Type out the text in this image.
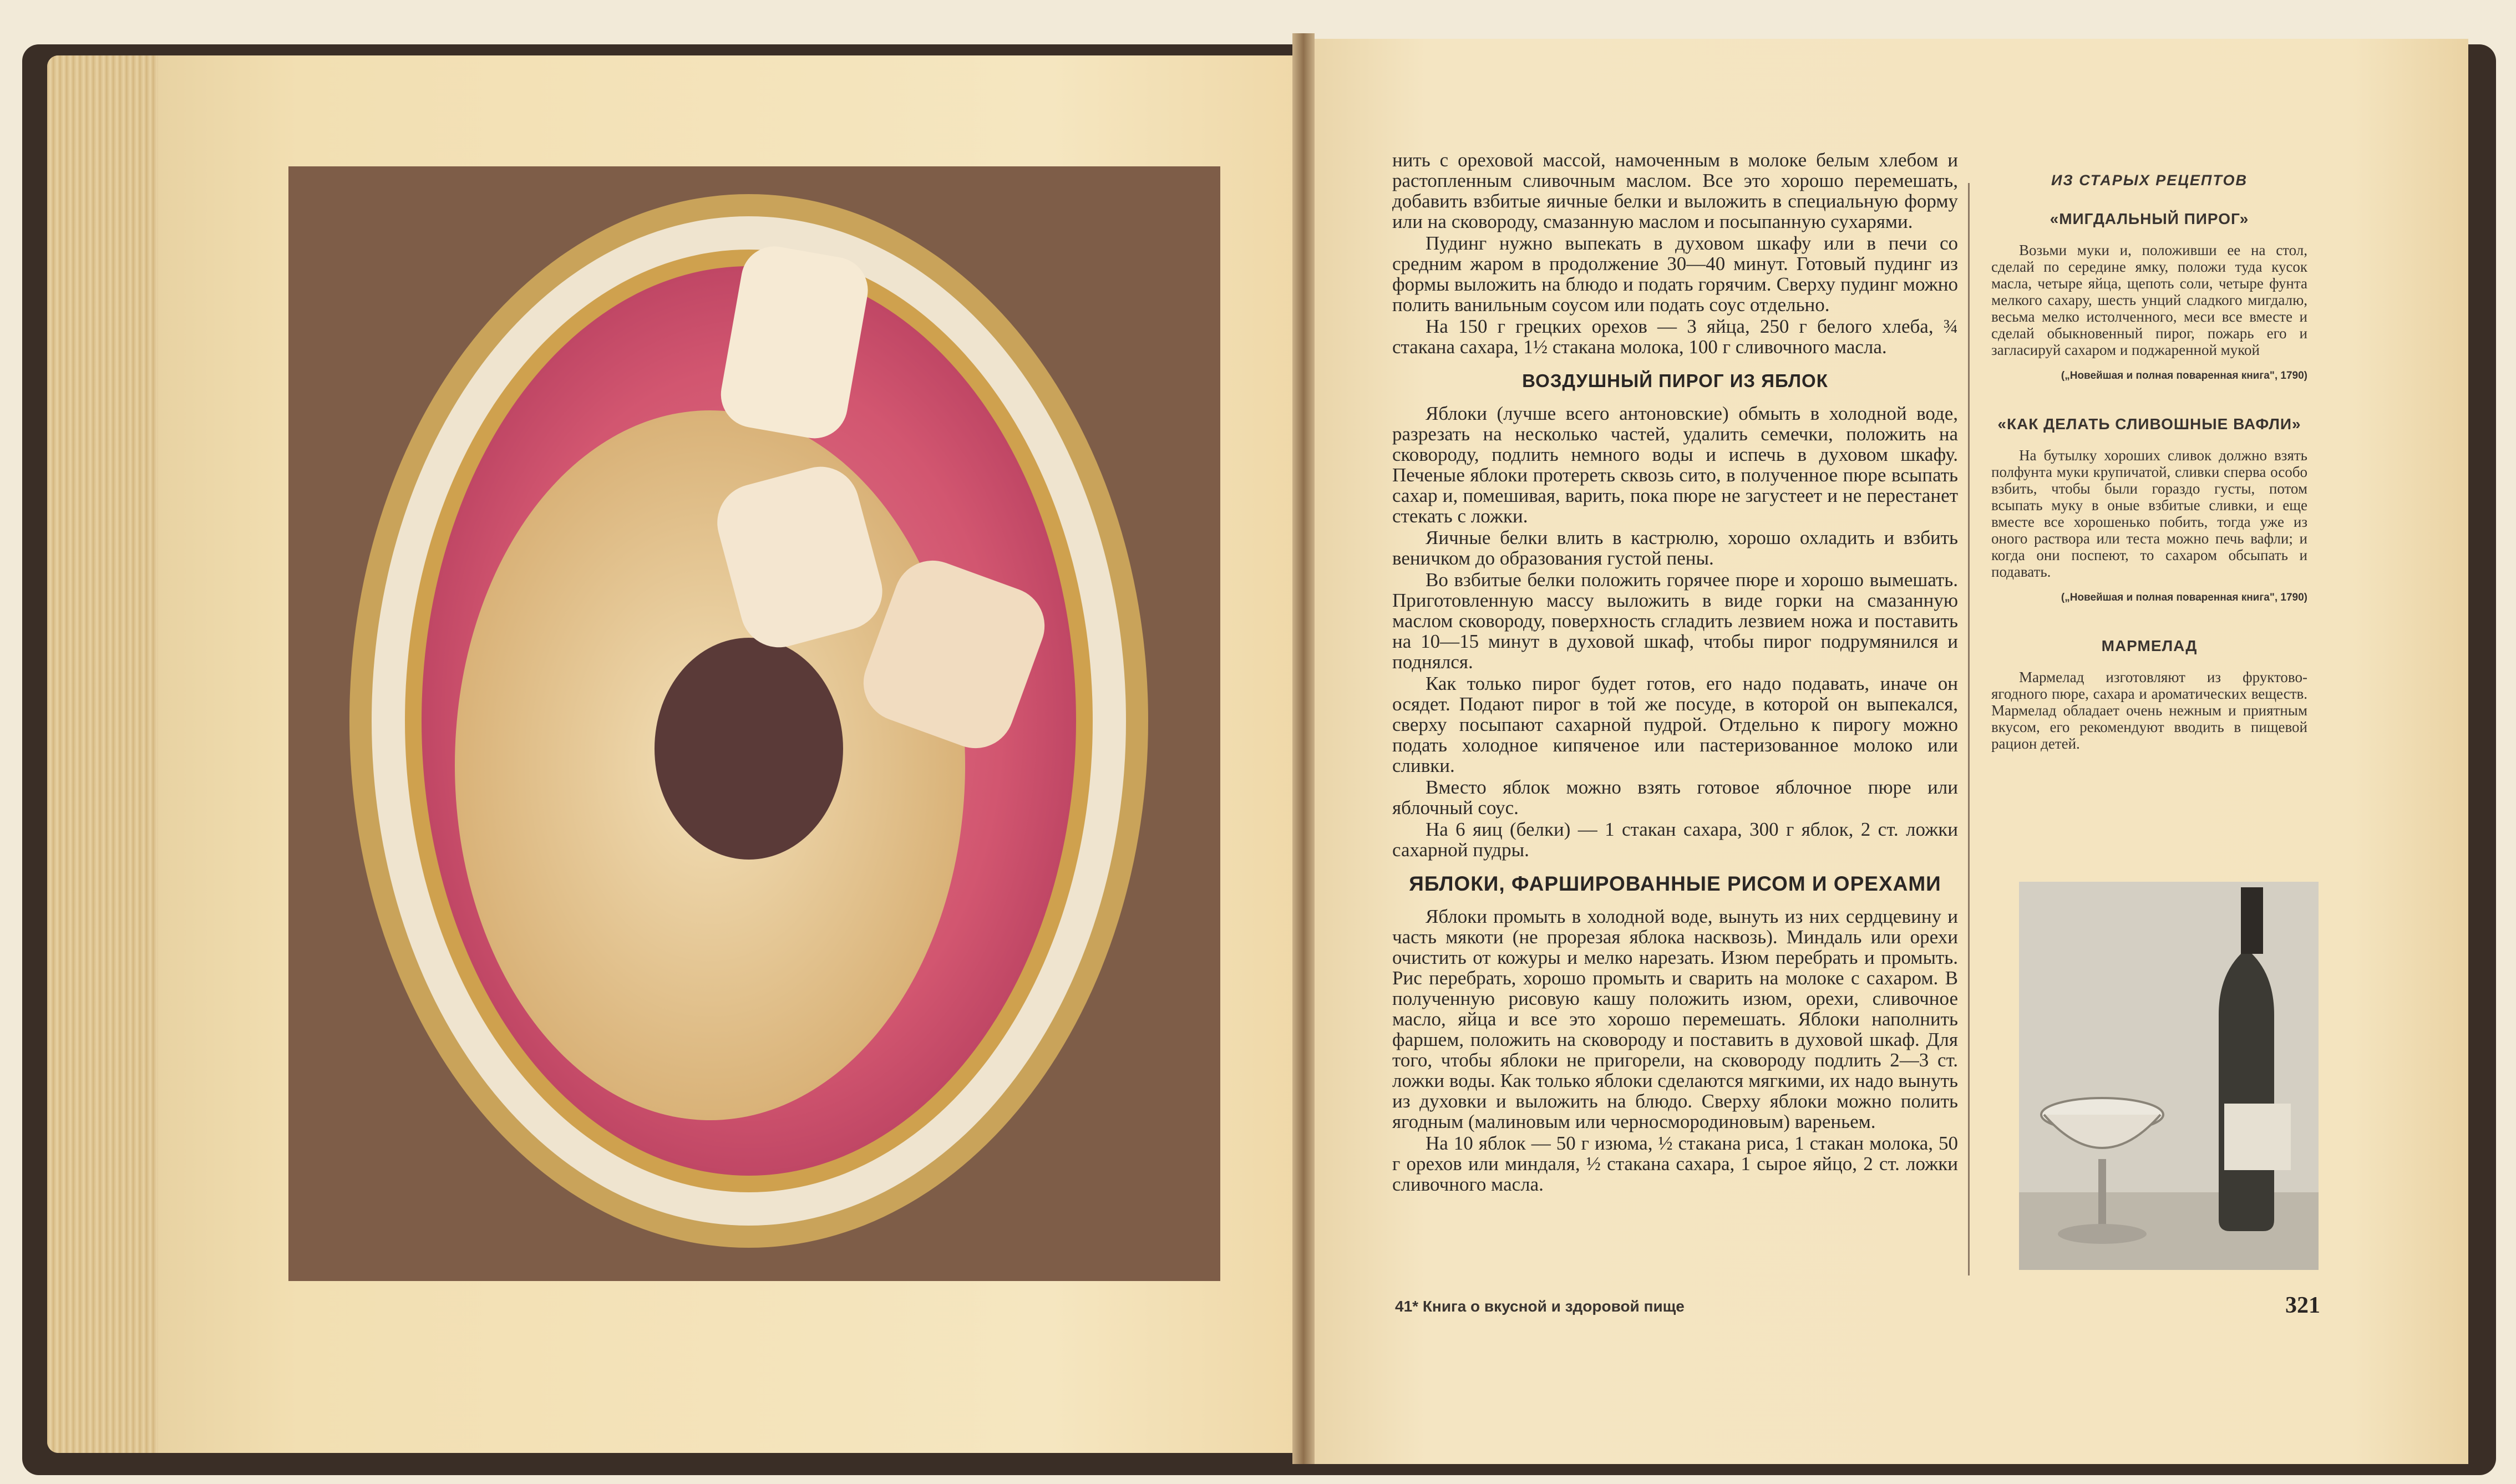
нить с ореховой массой, намоченным в молоке белым хлебом и растопленным сливочным маслом. Все это хорошо перемешать, добавить взбитые яичные белки и выложить в специальную форму или на сковороду, смазанную маслом и посыпанную сухарями.

Пудинг нужно выпекать в духовом шкафу или в печи со средним жаром в продолжение 30—40 минут. Готовый пудинг из формы выложить на блюдо и подать горячим. Сверху пудинг можно полить ванильным соусом или подать соус отдельно.

На 150 г грецких орехов — 3 яйца, 250 г белого хлеба, ¾ стакана сахара, 1½ стакана молока, 100 г сливочного масла.

ВОЗДУШНЫЙ ПИРОГ ИЗ ЯБЛОК

Яблоки (лучше всего антоновские) обмыть в холодной воде, разрезать на несколько частей, удалить семечки, положить на сковороду, подлить немного воды и испечь в духовом шкафу. Печеные яблоки протереть сквозь сито, в полученное пюре всыпать сахар и, помешивая, варить, пока пюре не загустеет и не перестанет стекать с ложки.

Яичные белки влить в кастрюлю, хорошо охладить и взбить веничком до образования густой пены.

Во взбитые белки положить горячее пюре и хорошо вымешать. Приготовленную массу выложить в виде горки на смазанную маслом сковороду, поверхность сгладить лезвием ножа и поставить на 10—15 минут в духовой шкаф, чтобы пирог подрумянился и поднялся.

Как только пирог будет готов, его надо подавать, иначе он осядет. Подают пирог в той же посуде, в которой он выпекался, сверху посыпают сахарной пудрой. Отдельно к пирогу можно подать холодное кипяченое или пастеризованное молоко или сливки.

Вместо яблок можно взять готовое яблочное пюре или яблочный соус.

На 6 яиц (белки) — 1 стакан сахара, 300 г яблок, 2 ст. ложки сахарной пудры.

ЯБЛОКИ, ФАРШИРОВАННЫЕ РИСОМ И ОРЕХАМИ

Яблоки промыть в холодной воде, вынуть из них сердцевину и часть мякоти (не прорезая яблока насквозь). Миндаль или орехи очистить от кожуры и мелко нарезать. Изюм перебрать и промыть. Рис перебрать, хорошо промыть и сварить на молоке с сахаром. В полученную рисовую кашу положить изюм, орехи, сливочное масло, яйца и все это хорошо перемешать. Яблоки наполнить фаршем, положить на сковороду и поставить в духовой шкаф. Для того, чтобы яблоки не пригорели, на сковороду подлить 2—3 ст. ложки воды. Как только яблоки сделаются мягкими, их надо вынуть из духовки и выложить на блюдо. Сверху яблоки можно полить ягодным (малиновым или черносмородиновым) вареньем.

На 10 яблок — 50 г изюма, ½ стакана риса, 1 стакан молока, 50 г орехов или миндаля, ½ стакана сахара, 1 сырое яйцо, 2 ст. ложки сливочного масла.

ИЗ СТАРЫХ РЕЦЕПТОВ
«МИГДАЛЬНЫЙ ПИРОГ»

Возьми муки и, положивши ее на стол, сделай по середине ямку, положи туда кусок масла, четыре яйца, щепоть соли, четыре фунта мелкого сахару, шесть унций сладкого мигдалю, весьма мелко истолченного, меси все вместе и сделай обыкновенный пирог, пожарь его и загласируй сахаром и поджаренной мукой

(„Новейшая и полная поваренная книга", 1790)
«КАК ДЕЛАТЬ СЛИВОШНЫЕ ВАФЛИ»

На бутылку хороших сливок должно взять полфунта муки крупичатой, сливки сперва особо взбить, чтобы были гораздо густы, потом всыпать муку в оные взбитые сливки, и еще вместе все хорошенько побить, тогда уже из оного раствора или теста можно печь вафли; и когда они поспеют, то сахаром обсыпать и подавать.

(„Новейшая и полная поваренная книга", 1790)
МАРМЕЛАД

Мармелад изготовляют из фруктово-ягодного пюре, сахара и ароматических веществ. Мармелад обладает очень нежным и приятным вкусом, его рекомендуют вводить в пищевой рацион детей.

41* Книга о вкусной и здоровой пище	321
